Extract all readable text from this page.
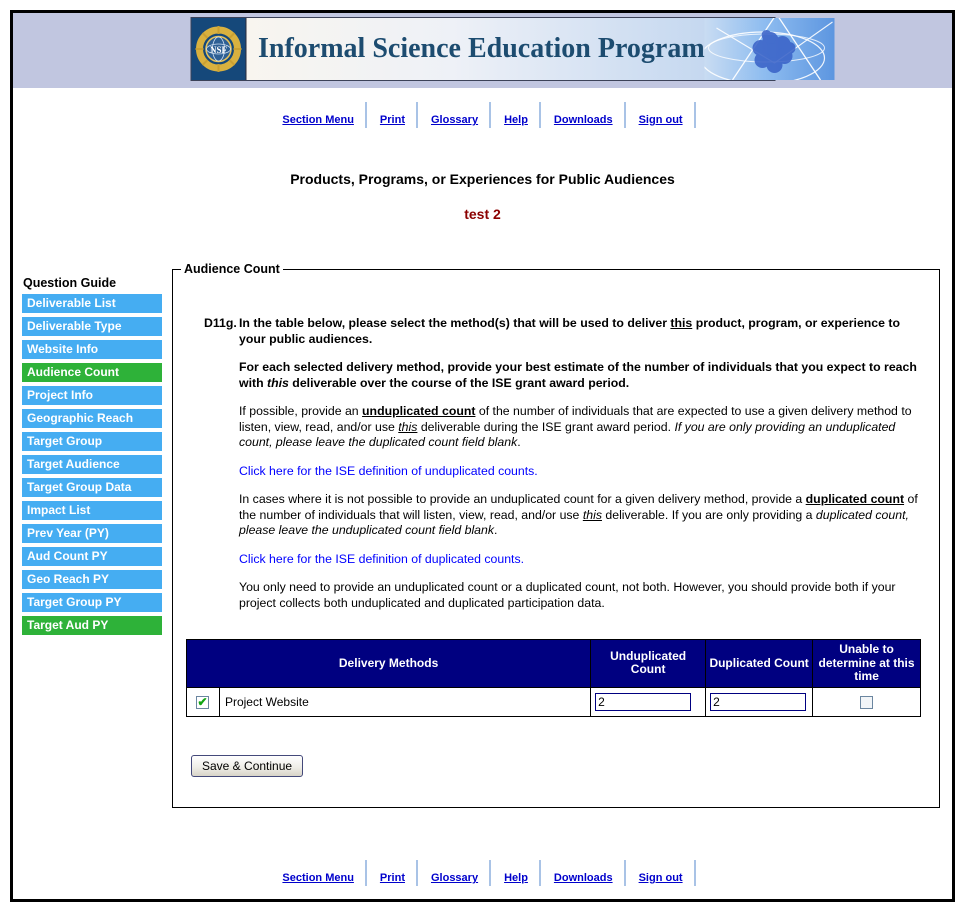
NSF	Informal Science Education Program
Section Menu Print Glossary Help Downloads Sign out
Products, Programs, or Experiences for Public Audiences
test 2
Question Guide
Deliverable List
Deliverable Type
Website Info
Audience Count
Project Info
Geographic Reach
Target Group
Target Audience
Target Group Data
Impact List
Prev Year (PY)
Aud Count PY
Geo Reach PY
Target Group PY
Target Aud PY
Audience Count
D11g. In the table below, please select the method(s) that will be used to deliver this product, program, or experience to your public audiences.
For each selected delivery method, provide your best estimate of the number of individuals that you expect to reach with this deliverable over the course of the ISE grant award period.
If possible, provide an unduplicated count of the number of individuals that are expected to use a given delivery method to listen, view, read, and/or use this deliverable during the ISE grant award period. If you are only providing an unduplicated count, please leave the duplicated count field blank.
Click here for the ISE definition of unduplicated counts.
In cases where it is not possible to provide an unduplicated count for a given delivery method, provide a duplicated count of the number of individuals that will listen, view, read, and/or use this deliverable. If you are only providing a duplicated count, please leave the unduplicated count field blank.
Click here for the ISE definition of duplicated counts.
You only need to provide an unduplicated count or a duplicated count, not both. However, you should provide both if your project collects both unduplicated and duplicated participation data.
Delivery Methods		Unduplicated Count	Duplicated Count	Unable to determine at this time

✔	Project Website	2	2	
Save & Continue
Section Menu Print Glossary Help Downloads Sign out
